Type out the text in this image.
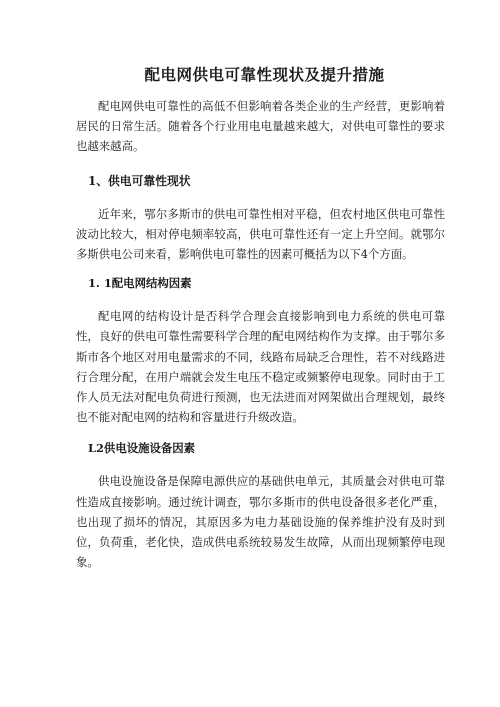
配电网供电可靠性现状及提升措施

配电网供电可靠性的高低不但影响着各类企业的生产经营，更影响着居民的日常生活。随着各个行业用电电量越来越大，对供电可靠性的要求也越来越高。

1、供电可靠性现状

近年来，鄂尔多斯市的供电可靠性相对平稳，但农村地区供电可靠性波动比较大，相对停电频率较高，供电可靠性还有一定上升空间。就鄂尔多斯供电公司来看，影响供电可靠性的因素可概括为以下4个方面。

1. 1配电网结构因素

配电网的结构设计是否科学合理会直接影响到电力系统的供电可靠性，良好的供电可靠性需要科学合理的配电网结构作为支撑。由于鄂尔多斯市各个地区对用电量需求的不同，线路布局缺乏合理性，若不对线路进行合理分配，在用户端就会发生电压不稳定或频繁停电现象。同时由于工作人员无法对配电负荷进行预测，也无法进而对网架做出合理规划，最终也不能对配电网的结构和容量进行升级改造。

L2供电设施设备因素

供电设施设备是保障电源供应的基础供电单元，其质量会对供电可靠性造成直接影响。通过统计调查，鄂尔多斯市的供电设备很多老化严重，也出现了损坏的情况，其原因多为电力基础设施的保养维护没有及时到位，负荷重，老化快，造成供电系统较易发生故障，从而出现频繁停电现象。
